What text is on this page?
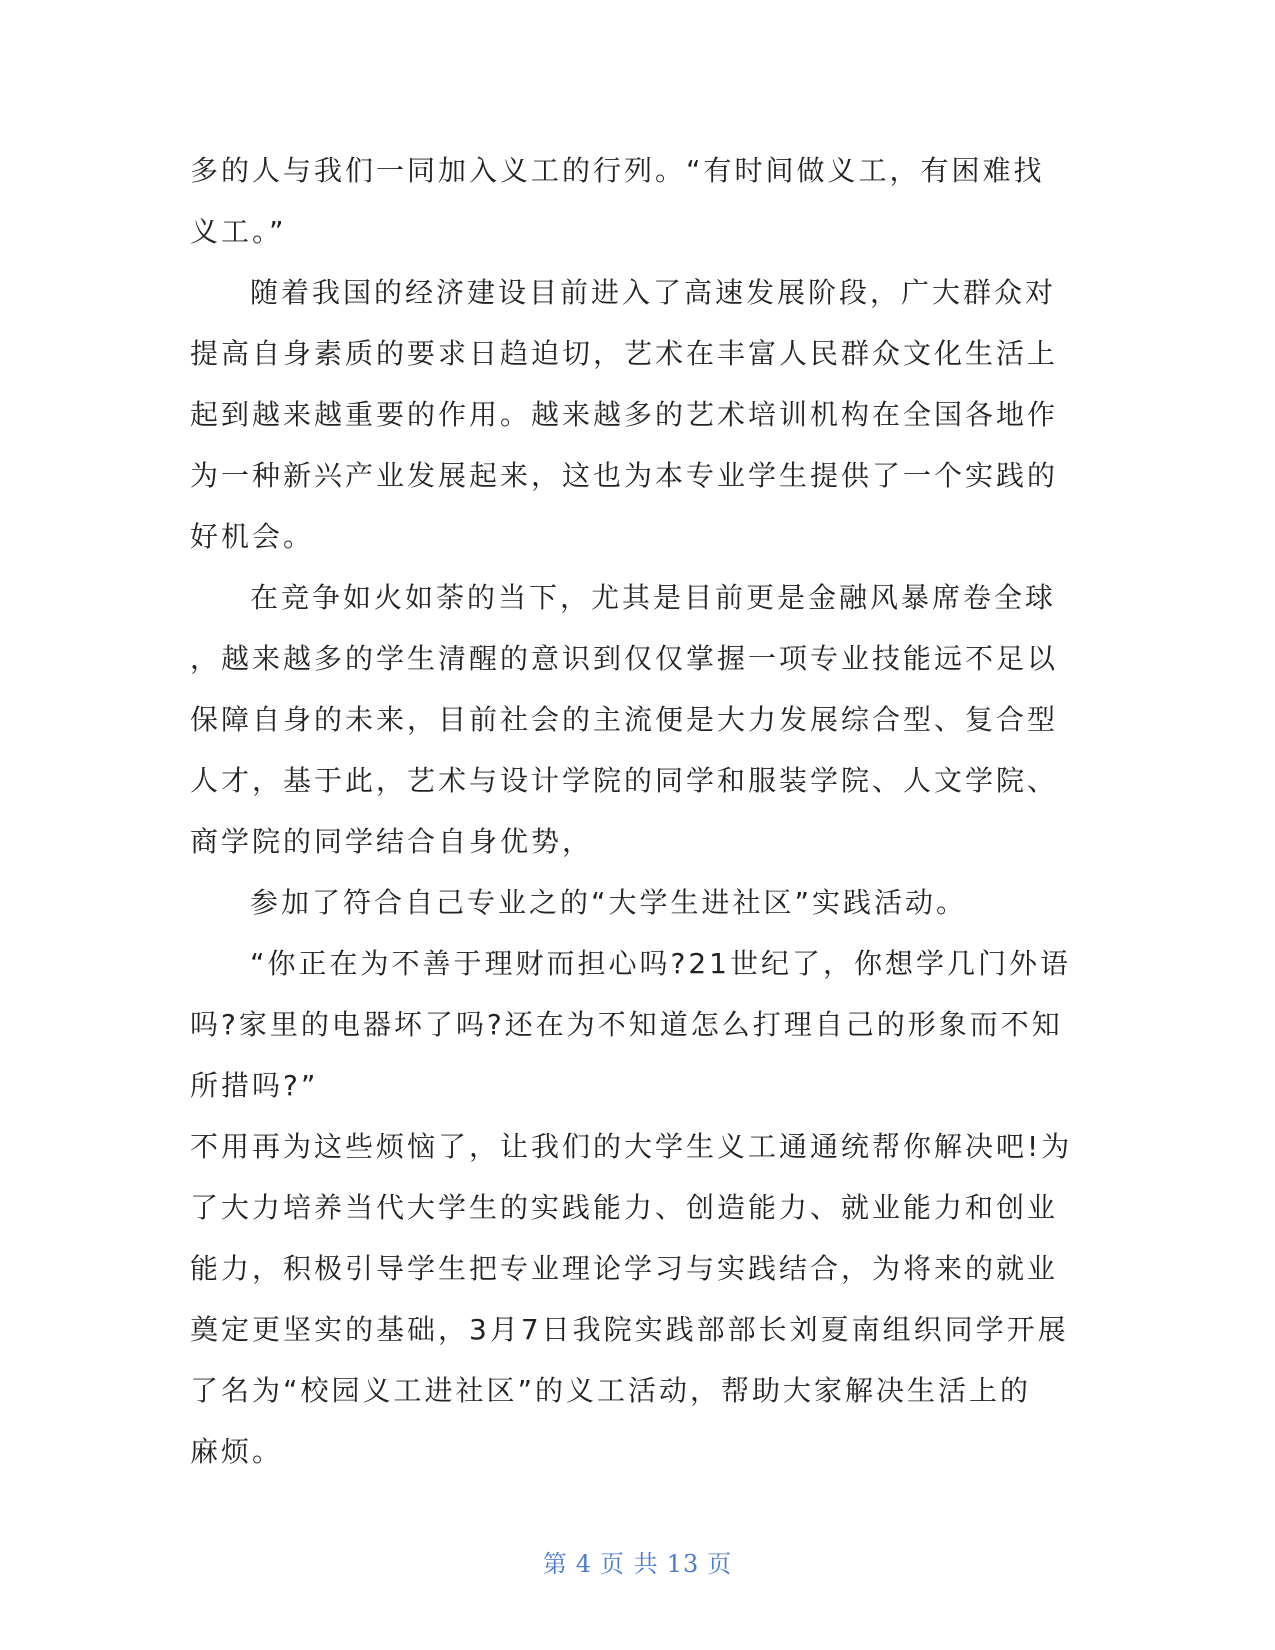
多的人与我们一同加入义工的行列。“有时间做义工，有困难找
义工。”
随着我国的经济建设目前进入了高速发展阶段，广大群众对
提高自身素质的要求日趋迫切，艺术在丰富人民群众文化生活上
起到越来越重要的作用。越来越多的艺术培训机构在全国各地作
为一种新兴产业发展起来，这也为本专业学生提供了一个实践的
好机会。
在竞争如火如荼的当下，尤其是目前更是金融风暴席卷全球
，越来越多的学生清醒的意识到仅仅掌握一项专业技能远不足以
保障自身的未来，目前社会的主流便是大力发展综合型、复合型
人才，基于此，艺术与设计学院的同学和服装学院、人文学院、
商学院的同学结合自身优势，
参加了符合自己专业之的“大学生进社区”实践活动。
“你正在为不善于理财而担心吗?21世纪了，你想学几门外语
吗?家里的电器坏了吗?还在为不知道怎么打理自己的形象而不知
所措吗?”
不用再为这些烦恼了，让我们的大学生义工通通统帮你解决吧!为
了大力培养当代大学生的实践能力、创造能力、就业能力和创业
能力，积极引导学生把专业理论学习与实践结合，为将来的就业
奠定更坚实的基础，3月7日我院实践部部长刘夏南组织同学开展
了名为“校园义工进社区”的义工活动，帮助大家解决生活上的
麻烦。
第 4 页 共 13 页
